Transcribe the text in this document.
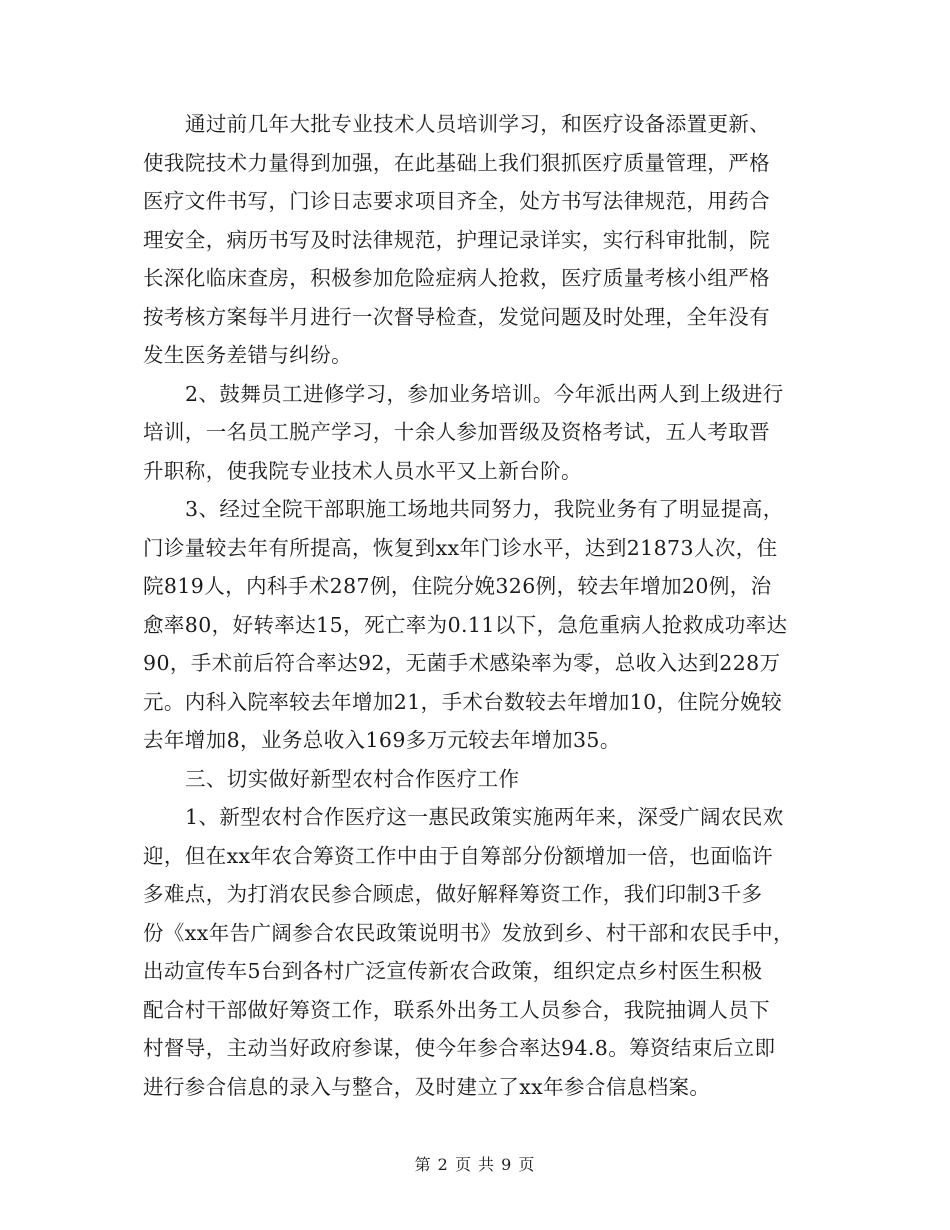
通过前几年大批专业技术人员培训学习，和医疗设备添置更新、
使我院技术力量得到加强，在此基础上我们狠抓医疗质量管理，严格
医疗文件书写，门诊日志要求项目齐全，处方书写法律规范，用药合
理安全，病历书写及时法律规范，护理记录详实，实行科审批制，院
长深化临床查房，积极参加危险症病人抢救，医疗质量考核小组严格
按考核方案每半月进行一次督导检查，发觉问题及时处理，全年没有
发生医务差错与纠纷。
2、鼓舞员工进修学习，参加业务培训。今年派出两人到上级进行
培训，一名员工脱产学习，十余人参加晋级及资格考试，五人考取晋
升职称，使我院专业技术人员水平又上新台阶。
3、经过全院干部职施工场地共同努力，我院业务有了明显提高，
门诊量较去年有所提高，恢复到xx年门诊水平，达到21873人次，住
院819人，内科手术287例，住院分娩326例，较去年增加20例，治
愈率80，好转率达15，死亡率为0.11以下，急危重病人抢救成功率达
90，手术前后符合率达92，无菌手术感染率为零，总收入达到228万
元。内科入院率较去年增加21，手术台数较去年增加10，住院分娩较
去年增加8，业务总收入169多万元较去年增加35。
三、切实做好新型农村合作医疗工作
1、新型农村合作医疗这一惠民政策实施两年来，深受广阔农民欢
迎，但在xx年农合筹资工作中由于自筹部分份额增加一倍，也面临许
多难点，为打消农民参合顾虑，做好解释筹资工作，我们印制3千多
份《xx年告广阔参合农民政策说明书》发放到乡、村干部和农民手中，
出动宣传车5台到各村广泛宣传新农合政策，组织定点乡村医生积极
配合村干部做好筹资工作，联系外出务工人员参合，我院抽调人员下
村督导，主动当好政府参谋，使今年参合率达94.8。筹资结束后立即
进行参合信息的录入与整合，及时建立了xx年参合信息档案。
第 2 页 共 9 页
